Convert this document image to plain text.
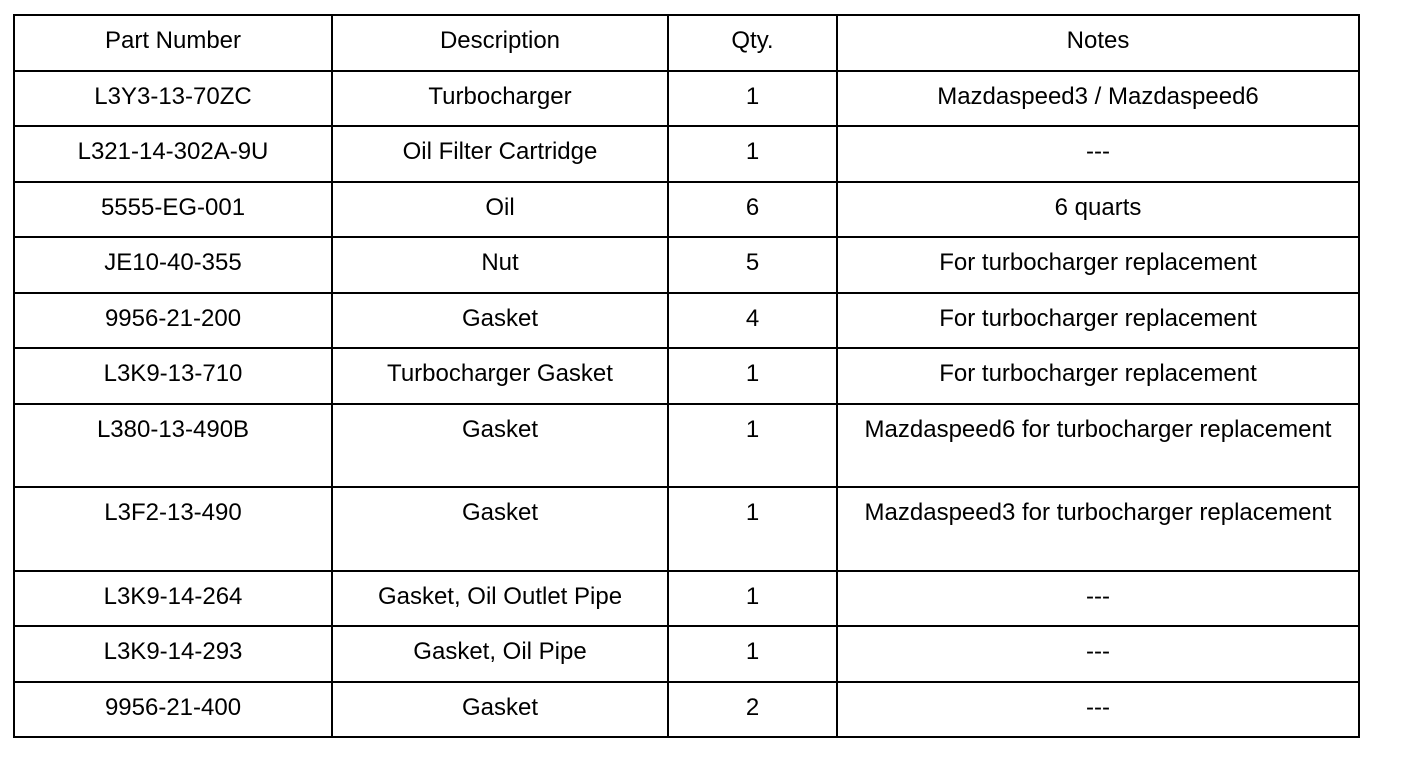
Part Number	Description	Qty.	Notes
L3Y3-13-70ZC	Turbocharger	1	Mazdaspeed3 / Mazdaspeed6
L321-14-302A-9U	Oil Filter Cartridge	1	---
5555-EG-001	Oil	6	6 quarts
JE10-40-355	Nut	5	For turbocharger replacement
9956-21-200	Gasket	4	For turbocharger replacement
L3K9-13-710	Turbocharger Gasket	1	For turbocharger replacement
L380-13-490B	Gasket	1	Mazdaspeed6 for turbocharger replacement

L3F2-13-490	Gasket	1	Mazdaspeed3 for turbocharger replacement

L3K9-14-264	Gasket, Oil Outlet Pipe	1	---
L3K9-14-293	Gasket, Oil Pipe	1	---
9956-21-400	Gasket	2	---
